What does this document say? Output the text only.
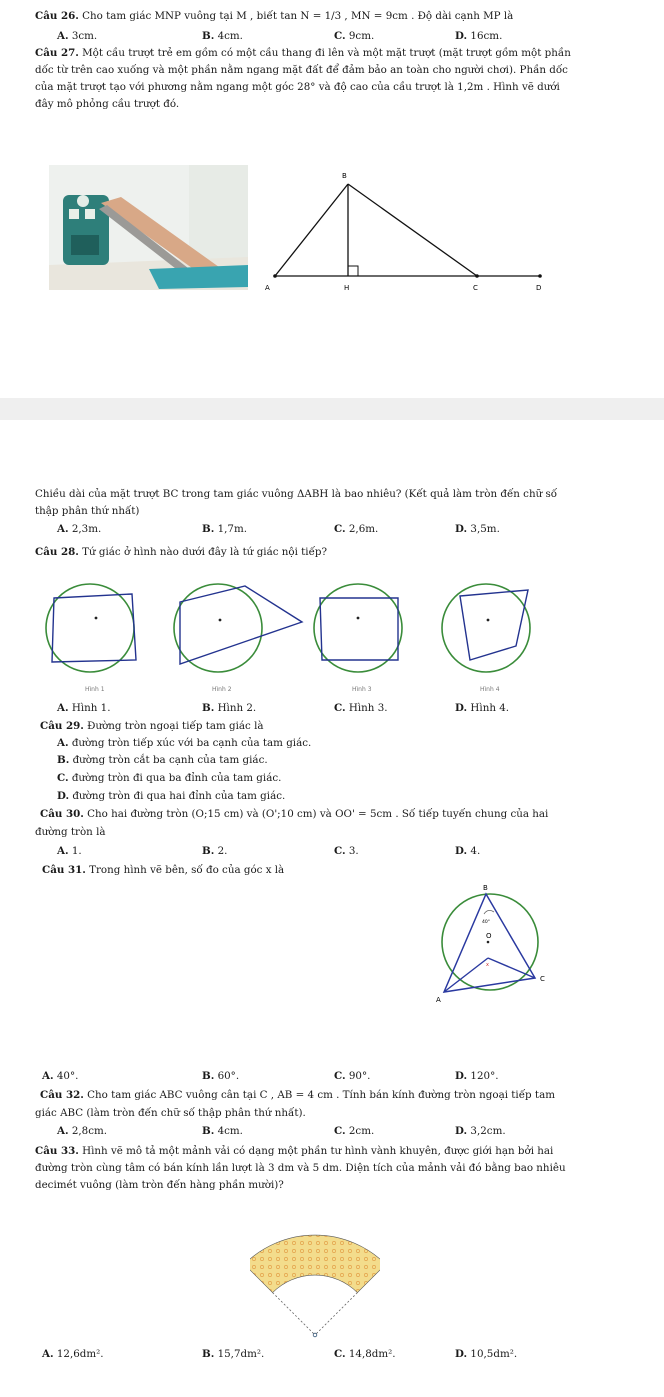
Câu 26. Cho tam giác MNP vuông tại M , biết tan N = 1/3 , MN = 9cm . Độ dài cạnh MP là
A. 3cm.	B. 4cm.	C. 9cm.	D. 16cm.
Câu 27. Một cầu trượt trẻ em gồm có một cầu thang đi lên và một mặt trượt (mặt trượt gồm một phần
dốc từ trên cao xuống và một phần nằm ngang mặt đất để đảm bảo an toàn cho người chơi). Phần dốc
của mặt trượt tạo với phương nằm ngang một góc 28° và độ cao của cầu trượt là 1,2m . Hình vẽ dưới
đây mô phỏng cầu trượt đó.
A
B
H	C	D
Chiều dài của mặt trượt BC trong tam giác vuông ΔABH là bao nhiêu? (Kết quả làm tròn đến chữ số
thập phân thứ nhất)
A. 2,3m.	B. 1,7m.	C. 2,6m.	D. 3,5m.
Câu 28. Tứ giác ở hình nào dưới đây là tứ giác nội tiếp?
Hình 1	Hình 2	Hình 3	Hình 4
A. Hình 1.	B. Hình 2.	C. Hình 3.	D. Hình 4.
Câu 29. Đường tròn ngoại tiếp tam giác là
A. đường tròn tiếp xúc với ba cạnh của tam giác.
B. đường tròn cắt ba cạnh của tam giác.
C. đường tròn đi qua ba đỉnh của tam giác.
D. đường tròn đi qua hai đỉnh của tam giác.
Câu 30. Cho hai đường tròn (O;15 cm) và (O';10 cm) và OO' = 5cm . Số tiếp tuyến chung của hai
đường tròn là
A. 1.	B. 2.	C. 3.	D. 4.
Câu 31. Trong hình vẽ bên, số đo của góc x là
B
O
C
A
40°
x
A. 40°.	B. 60°.	C. 90°.	D. 120°.
Câu 32. Cho tam giác ABC vuông cân tại C , AB = 4 cm . Tính bán kính đường tròn ngoại tiếp tam
giác ABC (làm tròn đến chữ số thập phân thứ nhất).
A. 2,8cm.	B. 4cm.	C. 2cm.	D. 3,2cm.
Câu 33. Hình vẽ mô tả một mảnh vải có dạng một phần tư hình vành khuyên, được giới hạn bởi hai
đường tròn cùng tâm có bán kính lần lượt là 3 dm và 5 dm. Diện tích của mảnh vải đó bằng bao nhiêu
decimét vuông (làm tròn đến hàng phần mười)?
A. 12,6dm².	B. 15,7dm².	C. 14,8dm².	D. 10,5dm².
